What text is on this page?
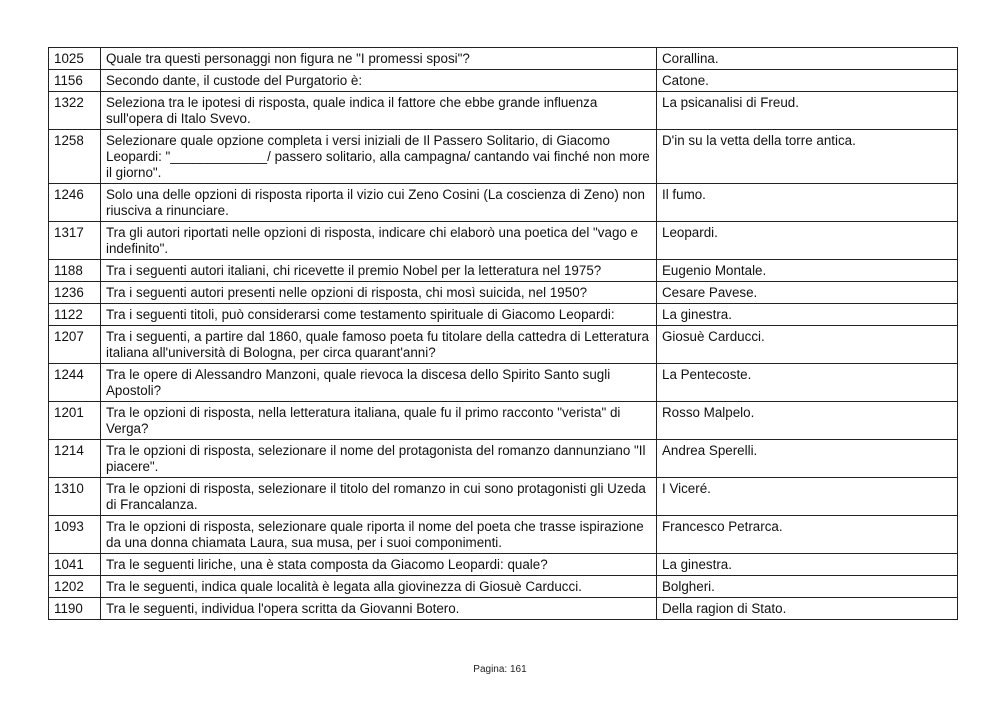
1025	Quale tra questi personaggi non figura ne "I promessi sposi"?	Corallina.
1156	Secondo dante, il custode del Purgatorio è:	Catone.
1322	Seleziona tra le ipotesi di risposta, quale indica il fattore che ebbe grande influenza sull'opera di Italo Svevo.	La psicanalisi di Freud.
1258	Selezionare quale opzione completa i versi iniziali de Il Passero Solitario, di Giacomo Leopardi: "_____________/ passero solitario, alla campagna/ cantando vai finché non more il giorno".	D'in su la vetta della torre antica.
1246	Solo una delle opzioni di risposta riporta il vizio cui Zeno Cosini (La coscienza di Zeno) non riusciva a rinunciare.	Il fumo.
1317	Tra gli autori riportati nelle opzioni di risposta, indicare chi elaborò una poetica del "vago e indefinito".	Leopardi.
1188	Tra i seguenti autori italiani, chi ricevette il premio Nobel per la letteratura nel 1975?	Eugenio Montale.
1236	Tra i seguenti autori presenti nelle opzioni di risposta, chi mosì suicida, nel 1950?	Cesare Pavese.
1122	Tra i seguenti titoli, può considerarsi come testamento spirituale di Giacomo Leopardi:	La ginestra.
1207	Tra i seguenti, a partire dal 1860, quale famoso poeta fu titolare della cattedra di Letteratura italiana all'università di Bologna, per circa quarant'anni?	Giosuè Carducci.
1244	Tra le opere di Alessandro Manzoni, quale rievoca la discesa dello Spirito Santo sugli Apostoli?	La Pentecoste.
1201	Tra le opzioni di risposta, nella letteratura italiana, quale fu il primo racconto "verista" di Verga?	Rosso Malpelo.
1214	Tra le opzioni di risposta, selezionare il nome del protagonista del romanzo dannunziano "Il piacere".	Andrea Sperelli.
1310	Tra le opzioni di risposta, selezionare il titolo del romanzo in cui sono protagonisti gli Uzeda di Francalanza.	I Viceré.
1093	Tra le opzioni di risposta, selezionare quale riporta il nome del poeta che trasse ispirazione da una donna chiamata Laura, sua musa, per i suoi componimenti.	Francesco Petrarca.
1041	Tra le seguenti liriche, una è stata composta da Giacomo Leopardi: quale?	La ginestra.
1202	Tra le seguenti, indica quale località è legata alla giovinezza di Giosuè Carducci.	Bolgheri.
1190	Tra le seguenti, individua l'opera scritta da Giovanni Botero.	Della ragion di Stato.
Pagina: 161
